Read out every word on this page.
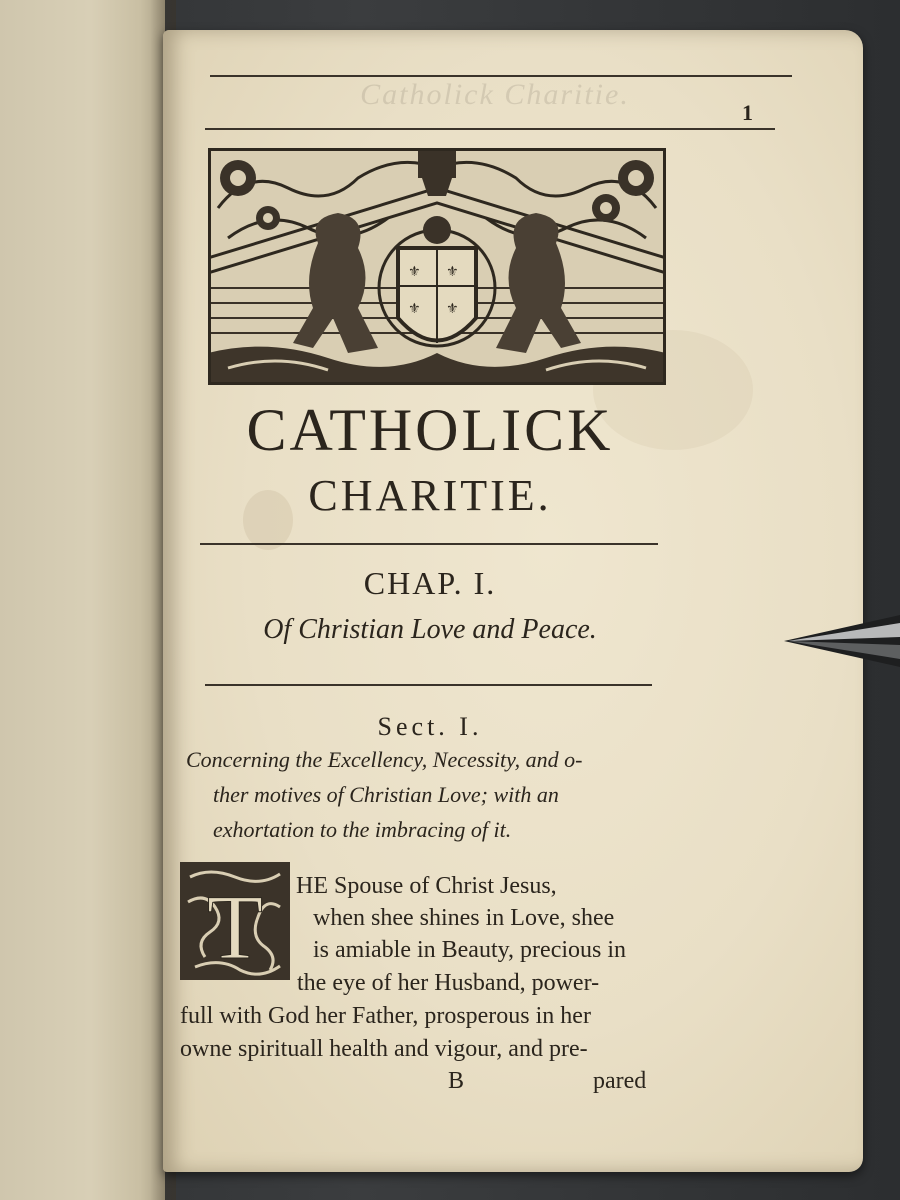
Catholick Charitie.
1
⚜ ⚜
⚜
⚜
CATHOLICK
CHARITIE.
CHAP. I.
Of Christian Love and Peace.
Sect. I.
Concerning the Excellency, Necessity, and o-
ther motives of Christian Love; with an
exhortation to the imbracing of it.
T HE Spouse of Christ Jesus,
when shee shines in Love, shee
is amiable in Beauty, precious in
the eye of her Husband, power-
full with God her Father, prosperous in her
owne spirituall health and vigour, and pre-
B	pared
